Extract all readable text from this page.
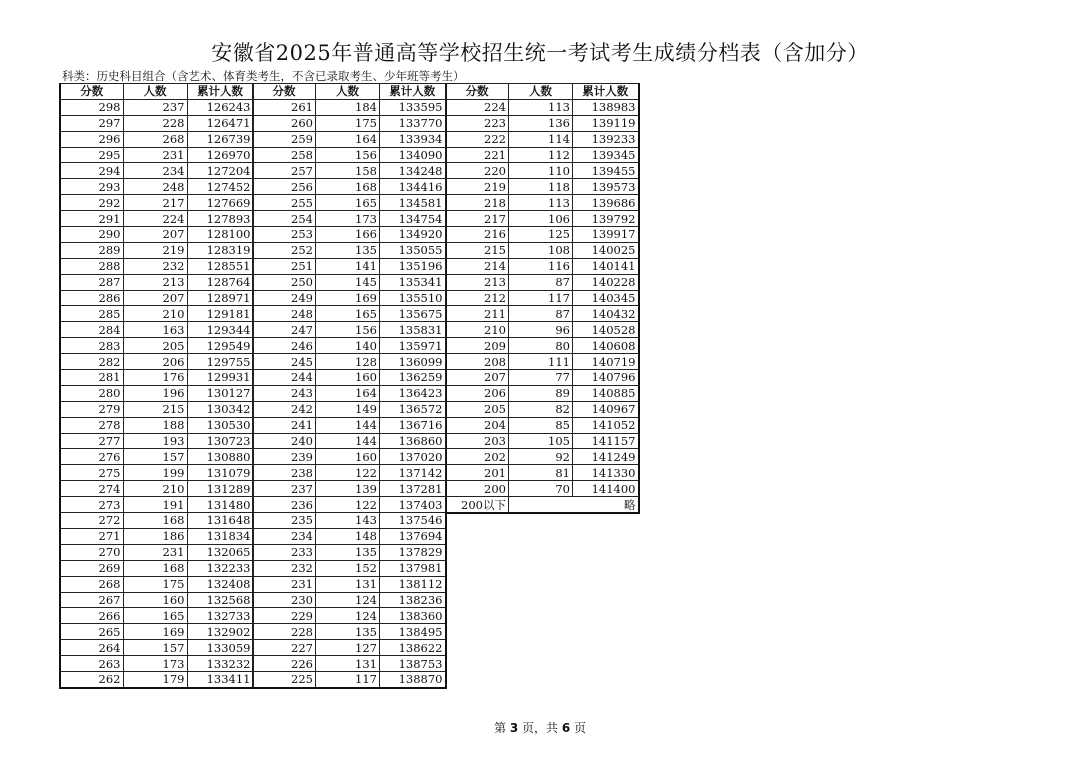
安徽省2025年普通高等学校招生统一考试考生成绩分档表（含加分）
科类：历史科目组合（含艺术、体育类考生，不含已录取考生、少年班等考生）
分数	人数	累计人数
298	237	126243
297	228	126471
296	268	126739
295	231	126970
294	234	127204
293	248	127452
292	217	127669
291	224	127893
290	207	128100
289	219	128319
288	232	128551
287	213	128764
286	207	128971
285	210	129181
284	163	129344
283	205	129549
282	206	129755
281	176	129931
280	196	130127
279	215	130342
278	188	130530
277	193	130723
276	157	130880
275	199	131079
274	210	131289
273	191	131480
272	168	131648
271	186	131834
270	231	132065
269	168	132233
268	175	132408
267	160	132568
266	165	132733
265	169	132902
264	157	133059
263	173	133232
262	179	133411
分数	人数	累计人数
261	184	133595
260	175	133770
259	164	133934
258	156	134090
257	158	134248
256	168	134416
255	165	134581
254	173	134754
253	166	134920
252	135	135055
251	141	135196
250	145	135341
249	169	135510
248	165	135675
247	156	135831
246	140	135971
245	128	136099
244	160	136259
243	164	136423
242	149	136572
241	144	136716
240	144	136860
239	160	137020
238	122	137142
237	139	137281
236	122	137403
235	143	137546
234	148	137694
233	135	137829
232	152	137981
231	131	138112
230	124	138236
229	124	138360
228	135	138495
227	127	138622
226	131	138753
225	117	138870
分数	人数	累计人数
224	113	138983
223	136	139119
222	114	139233
221	112	139345
220	110	139455
219	118	139573
218	113	139686
217	106	139792
216	125	139917
215	108	140025
214	116	140141
213	87	140228
212	117	140345
211	87	140432
210	96	140528
209	80	140608
208	111	140719
207	77	140796
206	89	140885
205	82	140967
204	85	141052
203	105	141157
202	92	141249
201	81	141330
200	70	141400
200以下	略	
第 3 页，共 6 页
